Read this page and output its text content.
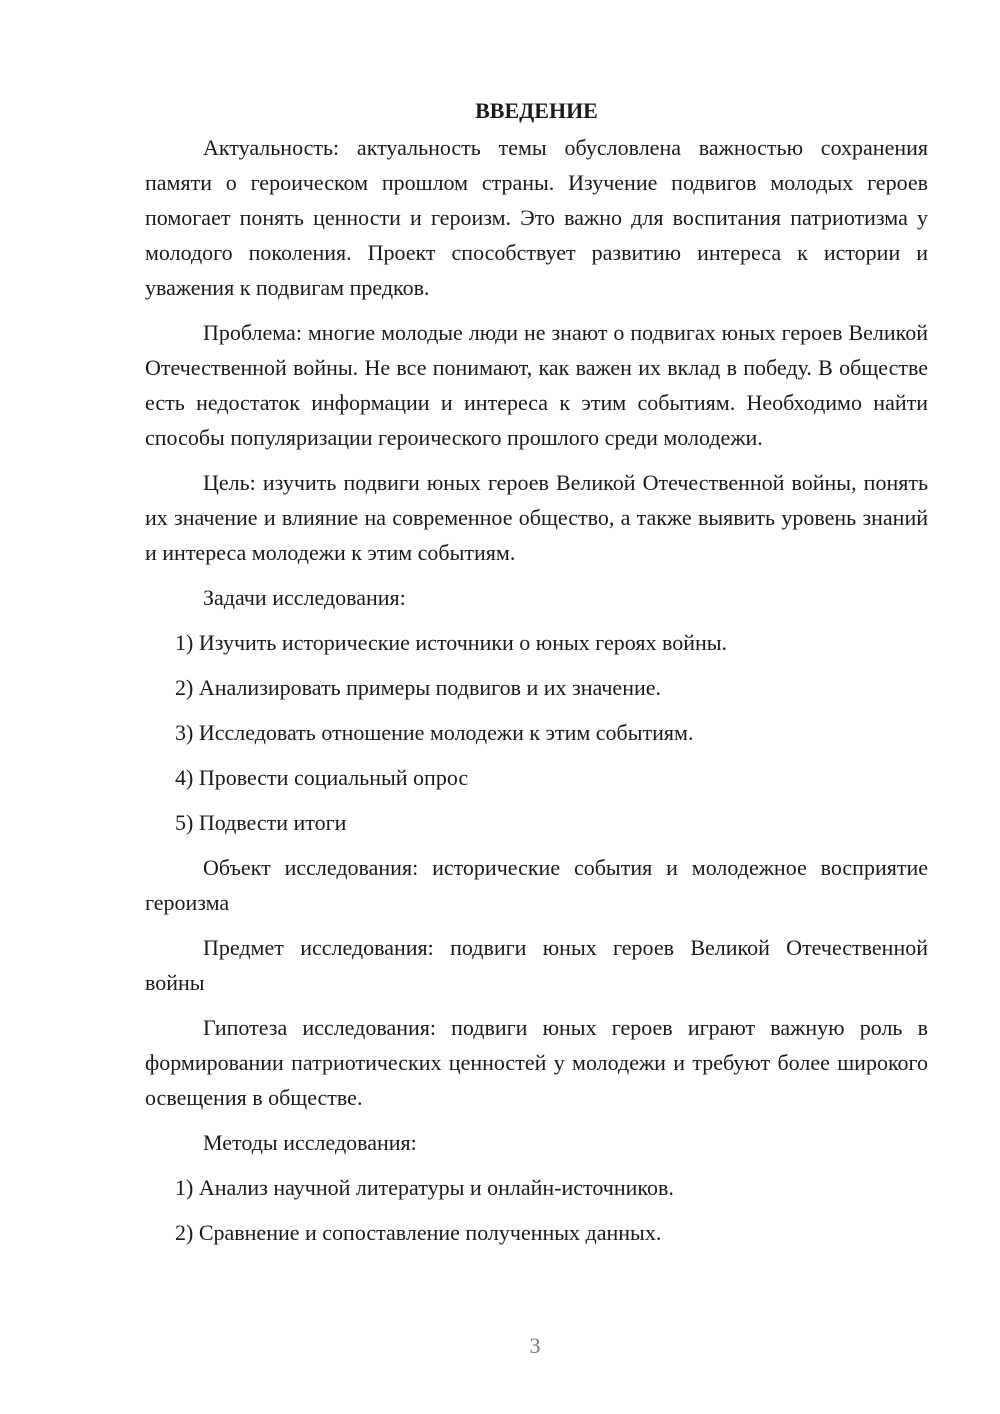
ВВЕДЕНИЕ

Актуальность: актуальность темы обусловлена важностью сохранения памяти о героическом прошлом страны. Изучение подвигов молодых героев помогает понять ценности и героизм. Это важно для воспитания патриотизма у молодого поколения. Проект способствует развитию интереса к истории и уважения к подвигам предков.

Проблема: многие молодые люди не знают о подвигах юных героев Великой Отечественной войны. Не все понимают, как важен их вклад в победу. В обществе есть недостаток информации и интереса к этим событиям. Необходимо найти способы популяризации героического прошлого среди молодежи.

Цель: изучить подвиги юных героев Великой Отечественной войны, понять их значение и влияние на современное общество, а также выявить уровень знаний и интереса молодежи к этим событиям.

Задачи исследования:

1) Изучить исторические источники о юных героях войны.

2) Анализировать примеры подвигов и их значение.

3) Исследовать отношение молодежи к этим событиям.

4) Провести социальный опрос

5) Подвести итоги

Объект исследования: исторические события и молодежное восприятие героизма

Предмет исследования: подвиги юных героев Великой Отечественной войны

Гипотеза исследования: подвиги юных героев играют важную роль в формировании патриотических ценностей у молодежи и требуют более широкого освещения в обществе.

Методы исследования:

1) Анализ научной литературы и онлайн-источников.

2) Сравнение и сопоставление полученных данных.

3
